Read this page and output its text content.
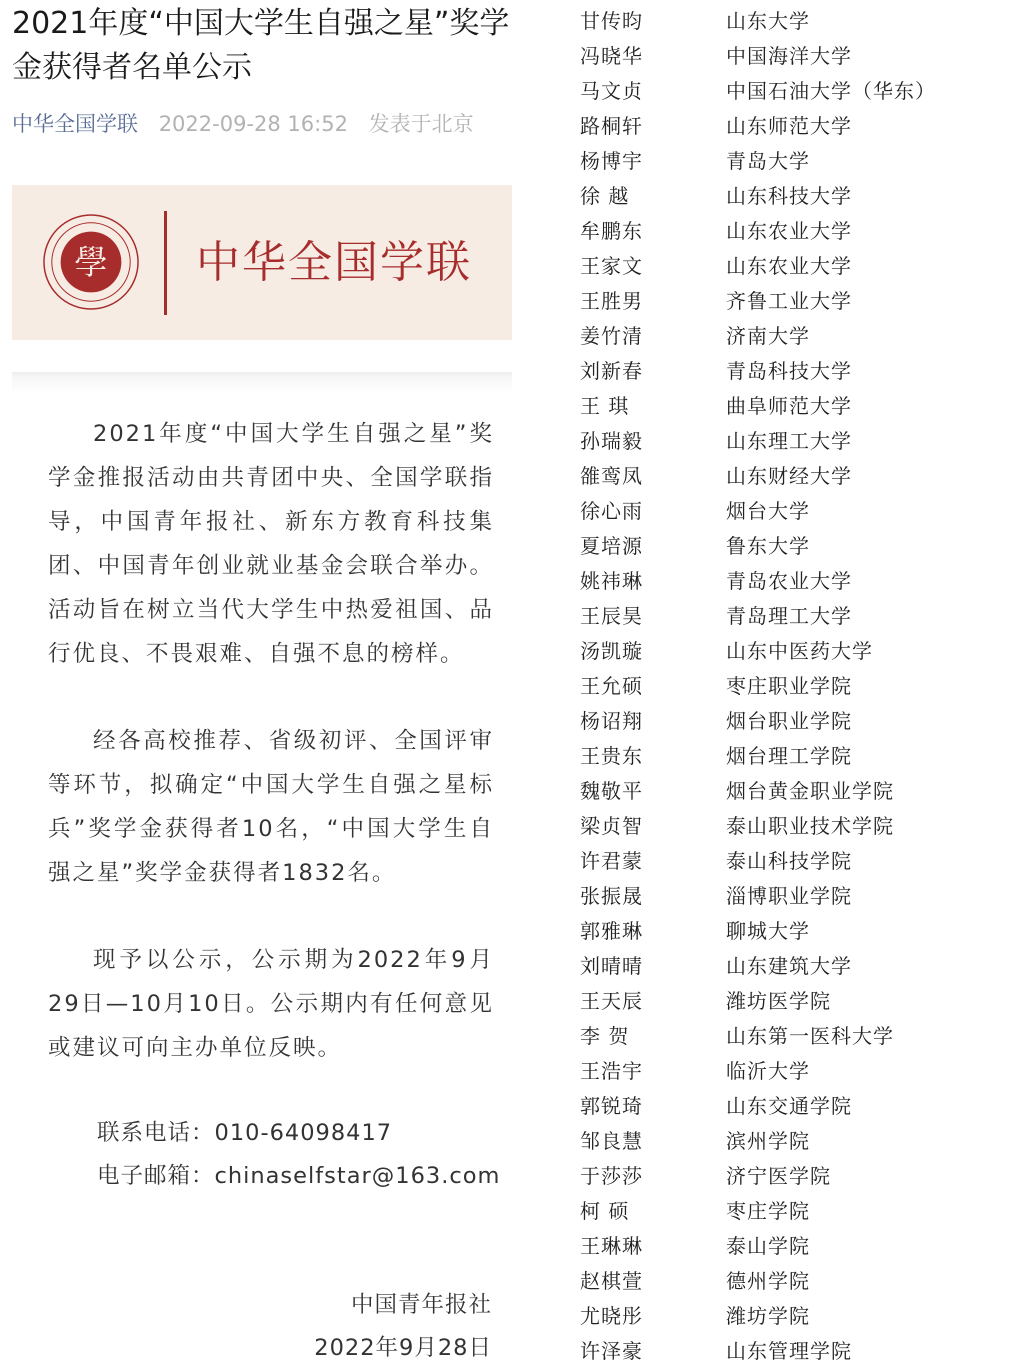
2021年度“中国大学生自强之星”奖学金获得者名单公示
中华全国学联 2022-09-28 16:52 发表于北京
學 中华全国学联

2021年度“中国大学生自强之星”奖学金推报活动由共青团中央、全国学联指导，中国青年报社、新东方教育科技集团、中国青年创业就业基金会联合举办。活动旨在树立当代大学生中热爱祖国、品行优良、不畏艰难、自强不息的榜样。

经各高校推荐、省级初评、全国评审等环节，拟确定“中国大学生自强之星标兵”奖学金获得者10名，“中国大学生自强之星”奖学金获得者1832名。

现予以公示，公示期为2022年9月29日—10月10日。公示期内有任何意见或建议可向主办单位反映。

联系电话：010-64098417
电子邮箱：chinaselfstar@163.com
中国青年报社
2022年9月28日
甘传昀	山东大学
冯晓华	中国海洋大学
马文贞	中国石油大学（华东）
路桐轩	山东师范大学
杨博宇	青岛大学
徐 越	山东科技大学
牟鹏东	山东农业大学
王家文	山东农业大学
王胜男	齐鲁工业大学
姜竹清	济南大学
刘新春	青岛科技大学
王 琪	曲阜师范大学
孙瑞毅	山东理工大学
雒鸾凤	山东财经大学
徐心雨	烟台大学
夏培源	鲁东大学
姚祎琳	青岛农业大学
王辰昊	青岛理工大学
汤凯璇	山东中医药大学
王允硕	枣庄职业学院
杨诏翔	烟台职业学院
王贵东	烟台理工学院
魏敬平	烟台黄金职业学院
梁贞智	泰山职业技术学院
许君蒙	泰山科技学院
张振晟	淄博职业学院
郭雅琳	聊城大学
刘晴晴	山东建筑大学
王天辰	潍坊医学院
李 贺	山东第一医科大学
王浩宇	临沂大学
郭锐琦	山东交通学院
邹良慧	滨州学院
于莎莎	济宁医学院
柯 硕	枣庄学院
王琳琳	泰山学院
赵棋萱	德州学院
尤晓彤	潍坊学院
许泽豪	山东管理学院
